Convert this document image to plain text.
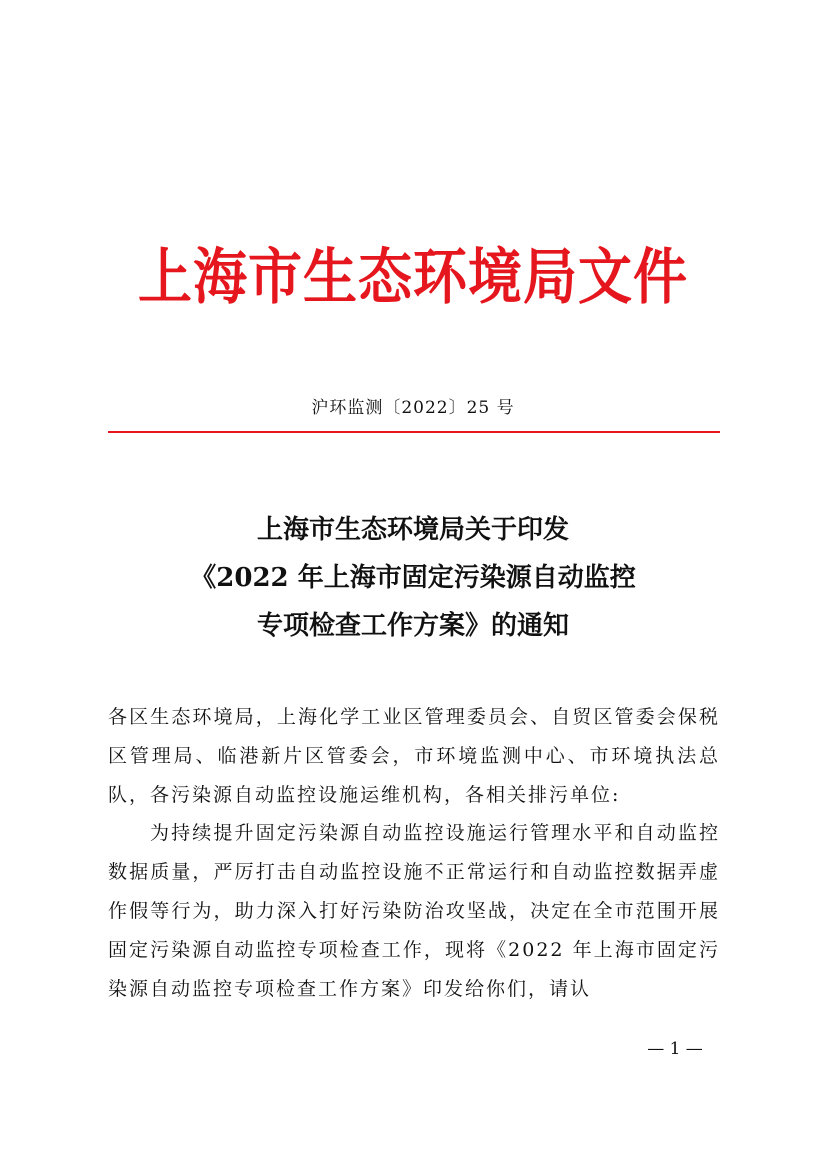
上海市生态环境局文件
沪环监测〔2022〕25 号
上海市生态环境局关于印发
《2022 年上海市固定污染源自动监控
专项检查工作方案》的通知

各区生态环境局，上海化学工业区管理委员会、自贸区管委会保税区管理局、临港新片区管委会，市环境监测中心、市环境执法总队，各污染源自动监控设施运维机构，各相关排污单位:

为持续提升固定污染源自动监控设施运行管理水平和自动监控数据质量，严厉打击自动监控设施不正常运行和自动监控数据弄虚作假等行为，助力深入打好污染防治攻坚战，决定在全市范围开展固定污染源自动监控专项检查工作，现将《2022 年上海市固定污染源自动监控专项检查工作方案》印发给你们，请认

— 1 —
